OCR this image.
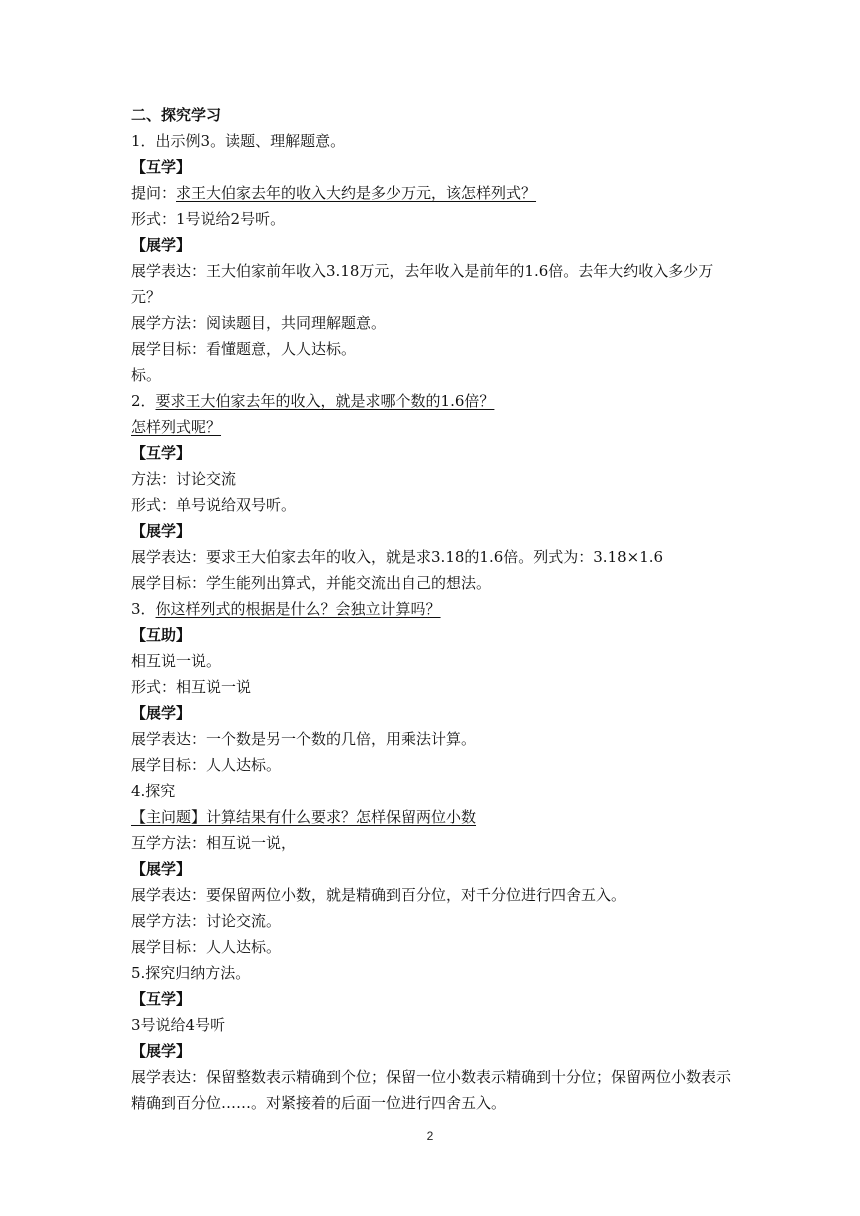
二、探究学习
1．出示例3。读题、理解题意。
【互学】
提问：求王大伯家去年的收入大约是多少万元，该怎样列式？
形式：1号说给2号听。
【展学】
展学表达：王大伯家前年收入3.18万元，去年收入是前年的1.6倍。去年大约收入多少万元？
展学方法：阅读题目，共同理解题意。
展学目标：看懂题意，人人达标。
标。
2．要求王大伯家去年的收入，就是求哪个数的1.6倍？
怎样列式呢？
【互学】
方法：讨论交流
形式：单号说给双号听。
【展学】
展学表达：要求王大伯家去年的收入，就是求3.18的1.6倍。列式为：3.18×1.6
展学目标：学生能列出算式，并能交流出自己的想法。
3．你这样列式的根据是什么？会独立计算吗？
【互助】
相互说一说。
形式：相互说一说
【展学】
展学表达：一个数是另一个数的几倍，用乘法计算。
展学目标：人人达标。
4.探究
【主问题】计算结果有什么要求？怎样保留两位小数
互学方法：相互说一说，
【展学】
展学表达：要保留两位小数，就是精确到百分位，对千分位进行四舍五入。
展学方法：讨论交流。
展学目标：人人达标。
5.探究归纳方法。
【互学】
3号说给4号听
【展学】
展学表达：保留整数表示精确到个位；保留一位小数表示精确到十分位；保留两位小数表示精确到百分位……。对紧接着的后面一位进行四舍五入。
2
